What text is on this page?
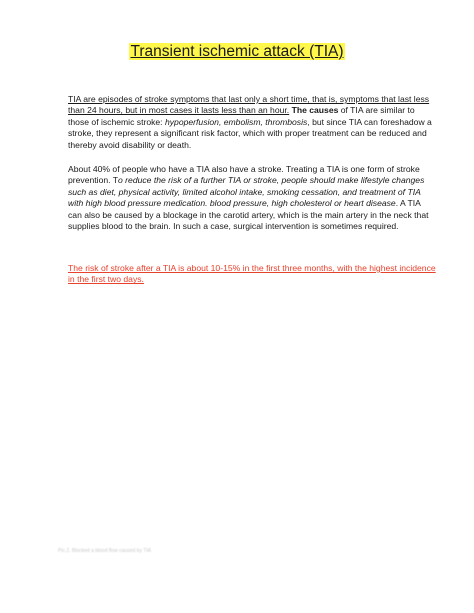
Transient ischemic attack (TIA)

TIA are episodes of stroke symptoms that last only a short time, that is, symptoms that last less than 24 hours, but in most cases it lasts less than an hour. The causes of TIA are similar to those of ischemic stroke: hypoperfusion, embolism, thrombosis, but since TIA can foreshadow a stroke, they represent a significant risk factor, which with proper treatment can be reduced and thereby avoid disability or death.

About 40% of people who have a TIA also have a stroke. Treating a TIA is one form of stroke prevention. To reduce the risk of a further TIA or stroke, people should make lifestyle changes such as diet, physical activity, limited alcohol intake, smoking cessation, and treatment of TIA with high blood pressure medication. blood pressure, high cholesterol or heart disease. A TIA can also be caused by a blockage in the carotid artery, which is the main artery in the neck that supplies blood to the brain. In such a case, surgical intervention is sometimes required.

The risk of stroke after a TIA is about 10-15% in the first three months, with the highest incidence in the first two days.

Pic.2. Blocked a blood flow caused by TIA
